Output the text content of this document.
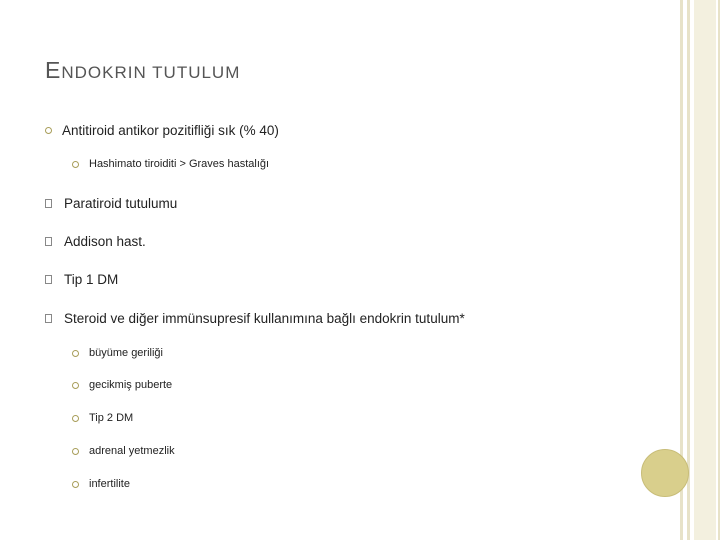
ENDOKRIN TUTULUM
Antitiroid antikor pozitifliği sık (% 40)
Hashimato tiroiditi > Graves hastalığı
Paratiroid tutulumu
Addison hast.
Tip 1 DM
Steroid ve diğer immünsupresif kullanımına bağlı endokrin tutulum*
büyüme geriliği
gecikmiş puberte
Tip 2 DM
adrenal yetmezlik
infertilite
